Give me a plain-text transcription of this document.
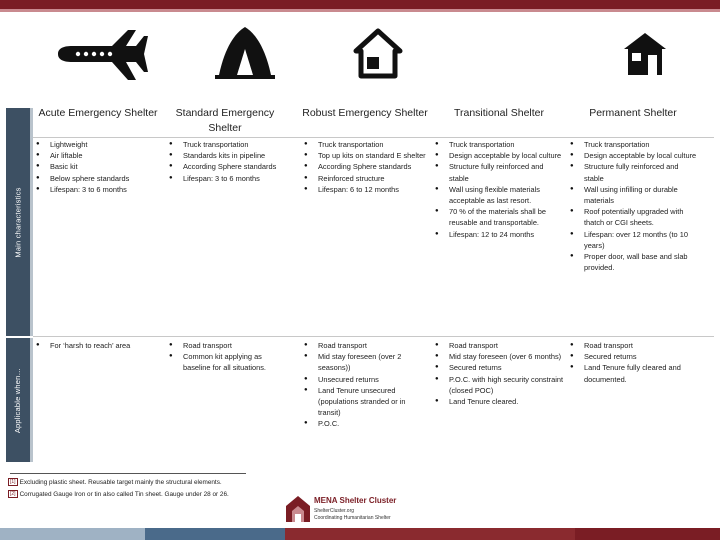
Acute Emergency Shelter	Standard Emergency Shelter
Robust Emergency Shelter	Transitional Shelter	Permanent Shelter
Main characteristics
Applicable when…
● Lightweight
● Air liftable
● Basic kit
● Below sphere standards
● Lifespan: 3 to 6 months
● Truck transportation
● Standards kits in pipeline
● According Sphere standards
● Lifespan: 3 to 6 months
● Truck transportation
● Top up kits on standard E shelter
● According Sphere standards
● Reinforced structure
● Lifespan: 6 to 12 months
● Truck transportation
● Design acceptable by local culture
● Structure fully reinforced and stable
● Wall using flexible materials acceptable as last resort.
● 70 % of the materials shall be reusable and transportable.
● Lifespan: 12 to 24 months
● Truck transportation
● Design acceptable by local culture
● Structure fully reinforced and stable
● Wall using infilling or durable materials
● Roof potentially upgraded with thatch or CGI sheets.
● Lifespan: over 12 months (to 10 years)
● Proper door, wall base and slab provided.
● For ‘harsh to reach’ area
●	Road transport
● Common kit applying as baseline for all situations.
● Road transport
● Mid stay foreseen (over 2 seasons))
● Unsecured returns
● Land Tenure unsecured (populations stranded or in transit)
● P.O.C.
● Road transport
● Mid stay foreseen (over 6 months)
● Secured returns
● P.O.C. with high security constraint (closed POC)
● Land Tenure cleared.
● Road transport
● Secured returns
● Land Tenure fully cleared and documented.
[1] Excluding plastic sheet. Reusable target mainly the structural elements.
[2] Corrugated Gauge Iron or tin also called Tin sheet. Gauge under 28 or 26.
MENA Shelter Cluster
ShelterCluster.org
Coordinating Humanitarian Shelter
